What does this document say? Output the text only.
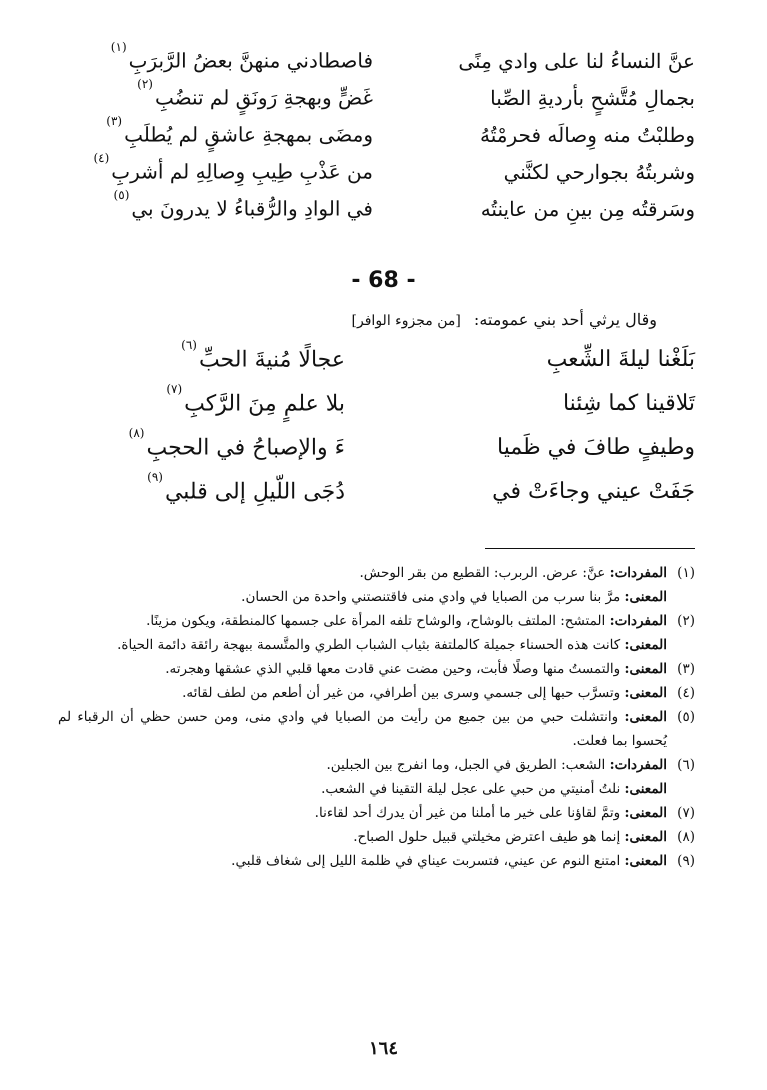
عنَّ النساءُ لنا على وادي مِنًى
فاصطادني منهنَّ بعضُ الرَّبرَبِ$^{(١)}$
بجمالِ مُتَّشحٍ بأرديةِ الصِّبا
غَضٍّ وبهجةِ رَونَقٍ لم تنضُبِ$^{(٢)}$
وطلبْتُ منه وِصالَه فحرمْتُهُ
ومضَى بمهجةِ عاشقٍ لم يُطلَبِ$^{(٣)}$
وشربتُهُ بجوارحي لكنَّني
من عَذْبِ طِيبِ وِصالِهِ لم أشربِ$^{(٤)}$
وسَرقتُه مِن بينِ من عاينتُه
في الوادِ والرُّقباءُ لا يدرونَ بي$^{(٥)}$
- 68 -
وقال يرثي أحد بني عمومته: [من مجزوء الوافر]
بَلَغْنا ليلةَ الشِّعبِ
عجالًا مُنيةَ الحبِّ$^{(٦)}$
تَلاقينا كما شِئنا
بلا علمٍ مِنَ الرَّكبِ$^{(٧)}$
وطيفٍ طافَ في ظَميا
ءَ والإصباحُ في الحجبِ$^{(٨)}$
جَفَتْ عيني وجاءَتْ في
دُجَى اللّيلِ إلى قلبي$^{(٩)}$
(١)
المفردات: عنَّ: عرض. الربرب: القطيع من بقر الوحش.
المعنى: مرَّ بنا سرب من الصبايا في وادي منى فاقتنصتني واحدة من الحسان.
(٢)
المفردات: المتشح: الملتف بالوشاح، والوشاح تلفه المرأة على جسمها كالمنطقة، ويكون مزينًا.
المعنى: كانت هذه الحسناء جميلة كالملتفة بثياب الشباب الطري والمتَّسمة ببهجة رائقة دائمة الحياة.
(٣)
المعنى: والتمستُ منها وصلًا فأبت، وحين مضت عني قادت معها قلبي الذي عشقها وهجرته.
(٤)
المعنى: وتسرَّب حبها إلى جسمي وسرى بين أطرافي، من غير أن أطعم من لطف لقائه.
(٥)
المعنى: وانتشلت حبي من بين جميع من رأيت من الصبايا في وادي منى، ومن حسن حظي أن الرقباء لم يُحسوا بما فعلت.
(٦)
المفردات: الشعب: الطريق في الجبل، وما انفرج بين الجبلين.
المعنى: نلتُ أمنيتي من حبي على عجل ليلة التقينا في الشعب.
(٧)
المعنى: وتمَّ لقاؤنا على خير ما أملنا من غير أن يدرك أحد لقاءنا.
(٨)
المعنى: إنما هو طيف اعترض مخيلتي قبيل حلول الصباح.
(٩)
المعنى: امتنع النوم عن عيني، فتسربت عيناي في ظلمة الليل إلى شغاف قلبي.
١٦٤
